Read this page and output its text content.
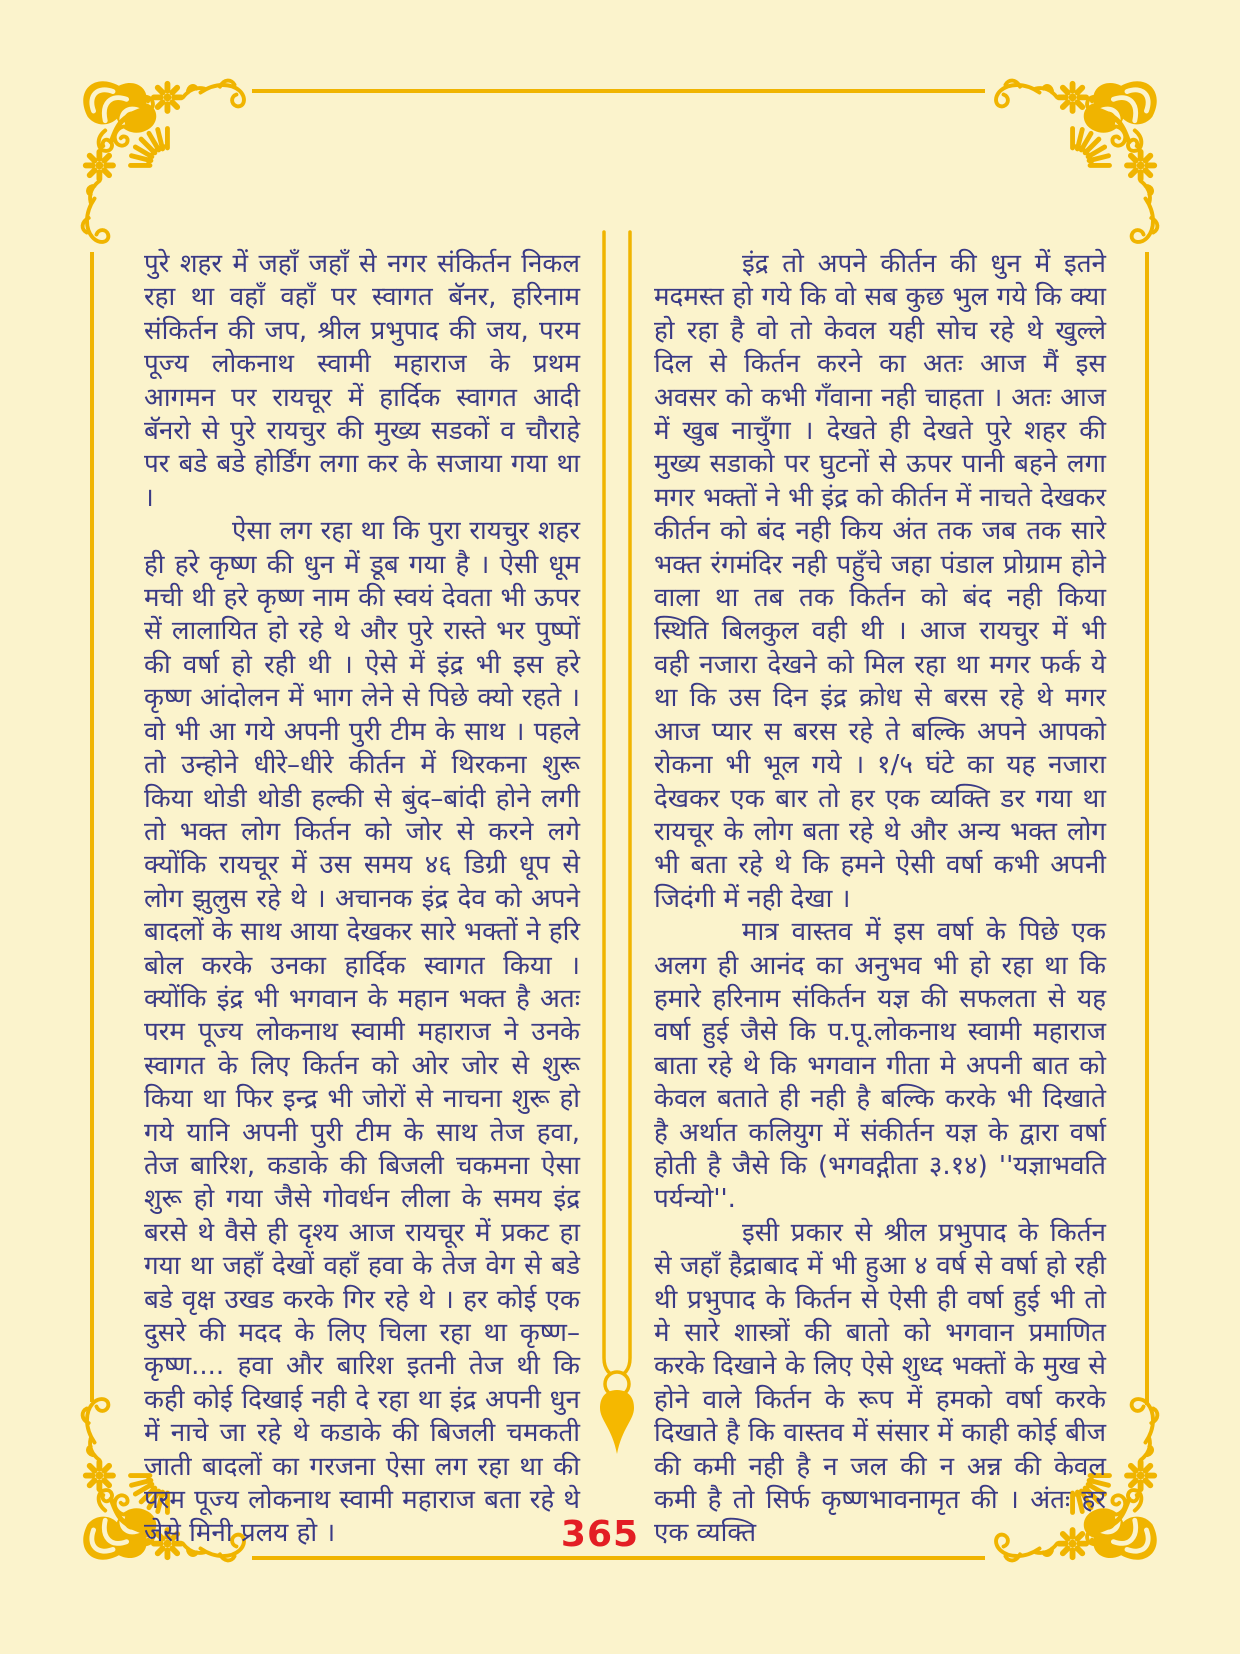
पुरे शहर में जहाँ जहाँ से नगर संकिर्तन निकल रहा था वहाँ वहाँ पर स्वागत बॅनर, हरिनाम संकिर्तन की जप, श्रील प्रभुपाद की जय, परम पूज्य लोकनाथ स्वामी महाराज के प्रथम आगमन पर रायचूर में हार्दिक स्वागत आदी बॅनरो से पुरे रायचुर की मुख्य सडकों व चौराहे पर बडे बडे होर्डिंग लगा कर के सजाया गया था ।

ऐसा लग रहा था कि पुरा रायचुर शहर ही हरे कृष्ण की धुन में डूब गया है । ऐसी धूम मची थी हरे कृष्ण नाम की स्वयं देवता भी ऊपर सें लालायित हो रहे थे और पुरे रास्ते भर पुष्पों की वर्षा हो रही थी । ऐसे में इंद्र भी इस हरे कृष्ण आंदोलन में भाग लेने से पिछे क्यो रहते । वो भी आ गये अपनी पुरी टीम के साथ । पहले तो उन्होने धीरे–धीरे कीर्तन में थिरकना शुरू किया थोडी थोडी हल्की से बुंद–बांदी होने लगी तो भक्त लोग किर्तन को जोर से करने लगे क्योंकि रायचूर में उस समय ४६ डिग्री धूप से लोग झुलुस रहे थे । अचानक इंद्र देव को अपने बादलों के साथ आया देखकर सारे भक्तों ने हरि बोल करके उनका हार्दिक स्वागत किया । क्योंकि इंद्र भी भगवान के महान भक्त है अतः परम पूज्य लोकनाथ स्वामी महाराज ने उनके स्वागत के लिए किर्तन को ओर जोर से शुरू किया था फिर इन्द्र भी जोरों से नाचना शुरू हो गये यानि अपनी पुरी टीम के साथ तेज हवा, तेज बारिश, कडाके की बिजली चकमना ऐसा शुरू हो गया जैसे गोवर्धन लीला के समय इंद्र बरसे थे वैसे ही दृश्य आज रायचूर में प्रकट हा गया था जहाँ देखों वहाँ हवा के तेज वेग से बडे बडे वृक्ष उखड करके गिर रहे थे । हर कोई एक दुसरे की मदद के लिए चिला रहा था कृष्ण–कृष्ण.... हवा और बारिश इतनी तेज थी कि कही कोई दिखाई नही दे रहा था इंद्र अपनी धुन में नाचे जा रहे थे कडाके की बिजली चमकती जाती बादलों का गरजना ऐसा लग रहा था की परम पूज्य लोकनाथ स्वामी महाराज बता रहे थे जेसे मिनी प्रलय हो ।

इंद्र तो अपने कीर्तन की धुन में इतने मदमस्त हो गये कि वो सब कुछ भुल गये कि क्या हो रहा है वो तो केवल यही सोच रहे थे खुल्ले दिल से किर्तन करने का अतः आज मैं इस अवसर को कभी गँवाना नही चाहता । अतः आज में खुब नाचुँगा । देखते ही देखते पुरे शहर की मुख्य सडाको पर घुटनों से ऊपर पानी बहने लगा मगर भक्तों ने भी इंद्र को कीर्तन में नाचते देखकर कीर्तन को बंद नही किय अंत तक जब तक सारे भक्त रंगमंदिर नही पहुँचे जहा पंडाल प्रोग्राम होने वाला था तब तक किर्तन को बंद नही किया स्थिति बिलकुल वही थी । आज रायचुर में भी वही नजारा देखने को मिल रहा था मगर फर्क ये था कि उस दिन इंद्र क्रोध से बरस रहे थे मगर आज प्यार स बरस रहे ते बल्कि अपने आपको रोकना भी भूल गये । १/५ घंटे का यह नजारा देखकर एक बार तो हर एक व्यक्ति डर गया था रायचूर के लोग बता रहे थे और अन्य भक्त लोग भी बता रहे थे कि हमने ऐसी वर्षा कभी अपनी जिदंगी में नही देखा ।

मात्र वास्तव में इस वर्षा के पिछे एक अलग ही आनंद का अनुभव भी हो रहा था कि हमारे हरिनाम संकिर्तन यज्ञ की सफलता से यह वर्षा हुई जैसे कि प.पू.लोकनाथ स्वामी महाराज बाता रहे थे कि भगवान गीता मे अपनी बात को केवल बताते ही नही है बल्कि करके भी दिखाते है अर्थात कलियुग में संकीर्तन यज्ञ के द्वारा वर्षा होती है जैसे कि (भगवद्गीता ३.१४) ''यज्ञाभवति पर्यन्यो''.

इसी प्रकार से श्रील प्रभुपाद के किर्तन से जहाँ हैद्राबाद में भी हुआ ४ वर्ष से वर्षा हो रही थी प्रभुपाद के किर्तन से ऐसी ही वर्षा हुई भी तो मे सारे शास्त्रों की बातो को भगवान प्रमाणित करके दिखाने के लिए ऐसे शुध्द भक्तों के मुख से होने वाले किर्तन के रूप में हमको वर्षा करके दिखाते है कि वास्तव में संसार में काही कोई बीज की कमी नही है न जल की न अन्न की केवल कमी है तो सिर्फ कृष्णभावनामृत की । अंतः हर एक व्यक्ति

365
